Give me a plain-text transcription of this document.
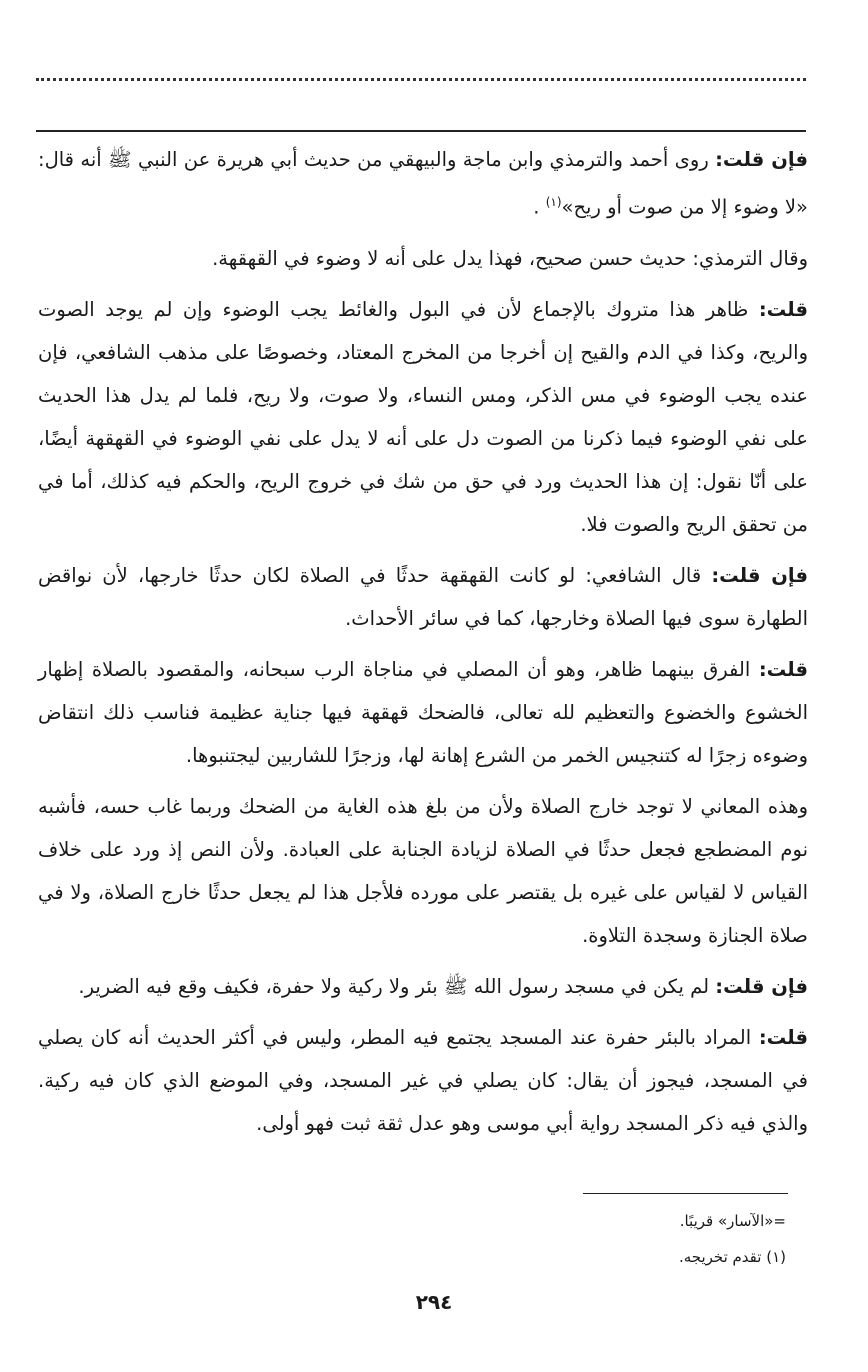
فإن قلت: روى أحمد والترمذي وابن ماجة والبيهقي من حديث أبي هريرة عن النبي ﷺ أنه قال: «لا وضوء إلا من صوت أو ريح»$^{(١)}$ .

وقال الترمذي: حديث حسن صحيح، فهذا يدل على أنه لا وضوء في القهقهة.

قلت: ظاهر هذا متروك بالإجماع لأن في البول والغائط يجب الوضوء وإن لم يوجد الصوت والريح، وكذا في الدم والقيح إن أخرجا من المخرج المعتاد، وخصوصًا على مذهب الشافعي، فإن عنده يجب الوضوء في مس الذكر، ومس النساء، ولا صوت، ولا ريح، فلما لم يدل هذا الحديث على نفي الوضوء فيما ذكرنا من الصوت دل على أنه لا يدل على نفي الوضوء في القهقهة أيضًا، على أنّا نقول: إن هذا الحديث ورد في حق من شك في خروج الريح، والحكم فيه كذلك، أما في من تحقق الريح والصوت فلا.

فإن قلت: قال الشافعي: لو كانت القهقهة حدثًا في الصلاة لكان حدثًا خارجها، لأن نواقض الطهارة سوى فيها الصلاة وخارجها، كما في سائر الأحداث.

قلت: الفرق بينهما ظاهر، وهو أن المصلي في مناجاة الرب سبحانه، والمقصود بالصلاة إظهار الخشوع والخضوع والتعظيم لله تعالى، فالضحك قهقهة فيها جناية عظيمة فناسب ذلك انتقاض وضوءه زجرًا له كتنجيس الخمر من الشرع إهانة لها، وزجرًا للشاربين ليجتنبوها.

وهذه المعاني لا توجد خارج الصلاة ولأن من بلغ هذه الغاية من الضحك وربما غاب حسه، فأشبه نوم المضطجع فجعل حدثًا في الصلاة لزيادة الجنابة على العبادة. ولأن النص إذ ورد على خلاف القياس لا لقياس على غيره بل يقتصر على مورده فلأجل هذا لم يجعل حدثًا خارج الصلاة، ولا في صلاة الجنازة وسجدة التلاوة.

فإن قلت: لم يكن في مسجد رسول الله ﷺ بئر ولا ركية ولا حفرة، فكيف وقع فيه الضرير.

قلت: المراد بالبئر حفرة عند المسجد يجتمع فيه المطر، وليس في أكثر الحديث أنه كان يصلي في المسجد، فيجوز أن يقال: كان يصلي في غير المسجد، وفي الموضع الذي كان فيه ركية. والذي فيه ذكر المسجد رواية أبي موسى وهو عدل ثقة ثبت فهو أولى.

=«الآسار» قريبًا.
(١) تقدم تخريجه.
٢٩٤
